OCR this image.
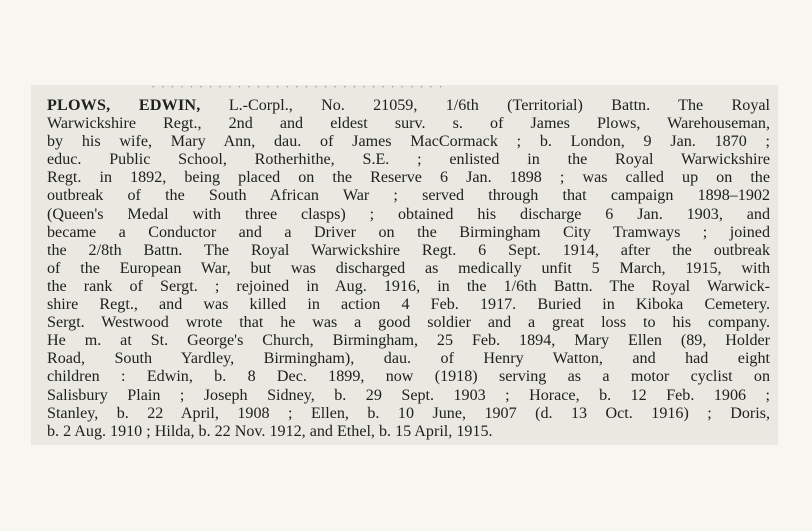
· · · · · · · · · · · · · · · · · · · · · · · · · · · · · · ·

PLOWS, EDWIN, L.-Corpl., No. 21059, 1/6th (Territorial) Battn. The Royal
Warwickshire Regt., 2nd and eldest surv. s. of James Plows, Warehouseman,
by his wife, Mary Ann, dau. of James MacCormack ; b. London, 9 Jan. 1870 ;
educ. Public School, Rotherhithe, S.E. ; enlisted in the Royal Warwickshire
Regt. in 1892, being placed on the Reserve 6 Jan. 1898 ; was called up on the
outbreak of the South African War ; served through that campaign 1898–1902
(Queen's Medal with three clasps) ; obtained his discharge 6 Jan. 1903, and
became a Conductor and a Driver on the Birmingham City Tramways ; joined
the 2/8th Battn. The Royal Warwickshire Regt. 6 Sept. 1914, after the outbreak
of the European War, but was discharged as medically unfit 5 March, 1915, with
the rank of Sergt. ; rejoined in Aug. 1916, in the 1/6th Battn. The Royal Warwick-
shire Regt., and was killed in action 4 Feb. 1917. Buried in Kiboka Cemetery.
Sergt. Westwood wrote that he was a good soldier and a great loss to his company.
He m. at St. George's Church, Birmingham, 25 Feb. 1894, Mary Ellen (89, Holder
Road, South Yardley, Birmingham), dau. of Henry Watton, and had eight
children : Edwin, b. 8 Dec. 1899, now (1918) serving as a motor cyclist on
Salisbury Plain ; Joseph Sidney, b. 29 Sept. 1903 ; Horace, b. 12 Feb. 1906 ;
Stanley, b. 22 April, 1908 ; Ellen, b. 10 June, 1907 (d. 13 Oct. 1916) ; Doris,
b. 2 Aug. 1910 ; Hilda, b. 22 Nov. 1912, and Ethel, b. 15 April, 1915.
